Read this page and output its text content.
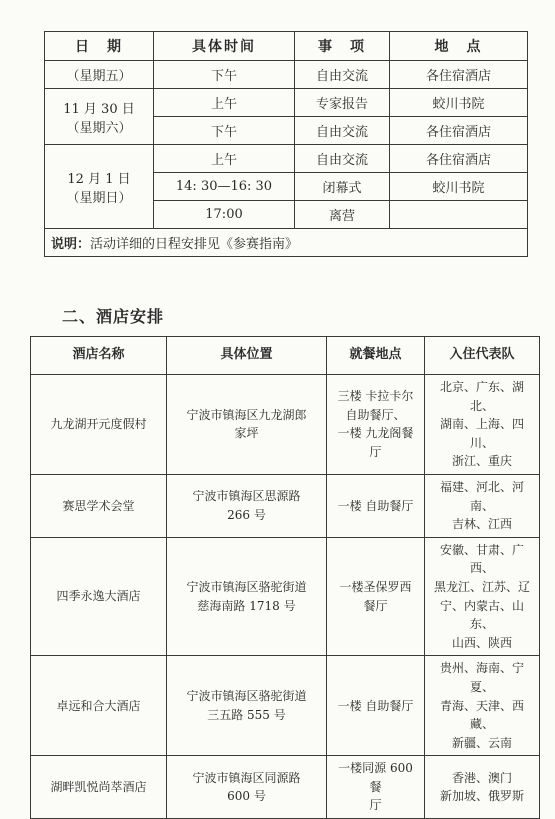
日　期	具体时间	事　项	地　点
（星期五）	下午	自由交流	各住宿酒店

11 月 30 日
（星期六）	上午	专家报告	蛟川书院
	下午	自由交流	各住宿酒店

12 月 1 日
（星期日）	上午	自由交流	各住宿酒店
	14: 30—16: 30	闭幕式	蛟川书院
	17:00	离营	
说明：活动详细的日程安排见《参赛指南》			
二、酒店安排
酒店名称	具体位置	就餐地点	入住代表队
九龙湖开元度假村	宁波市镇海区九龙湖郎
家坪	三楼 卡拉卡尔
自助餐厅、
一楼 九龙阁餐
厅	北京、广东、湖北、
湖南、上海、四川、
浙江、重庆

赛思学术会堂	宁波市镇海区思源路
266 号	一楼 自助餐厅	福建、河北、河南、
吉林、江西

四季永逸大酒店	宁波市镇海区骆驼街道
慈海南路 1718 号	一楼圣保罗西
餐厅	安徽、甘肃、广西、
黑龙江、江苏、辽
宁、内蒙古、山东、
山西、陕西

卓远和合大酒店	宁波市镇海区骆驼街道
三五路 555 号	一楼 自助餐厅	贵州、海南、宁夏、
青海、天津、西藏、
新疆、云南

湖畔凯悦尚萃酒店	宁波市镇海区同源路
600 号	一楼同源 600 餐
厅	香港、澳门
新加坡、俄罗斯
